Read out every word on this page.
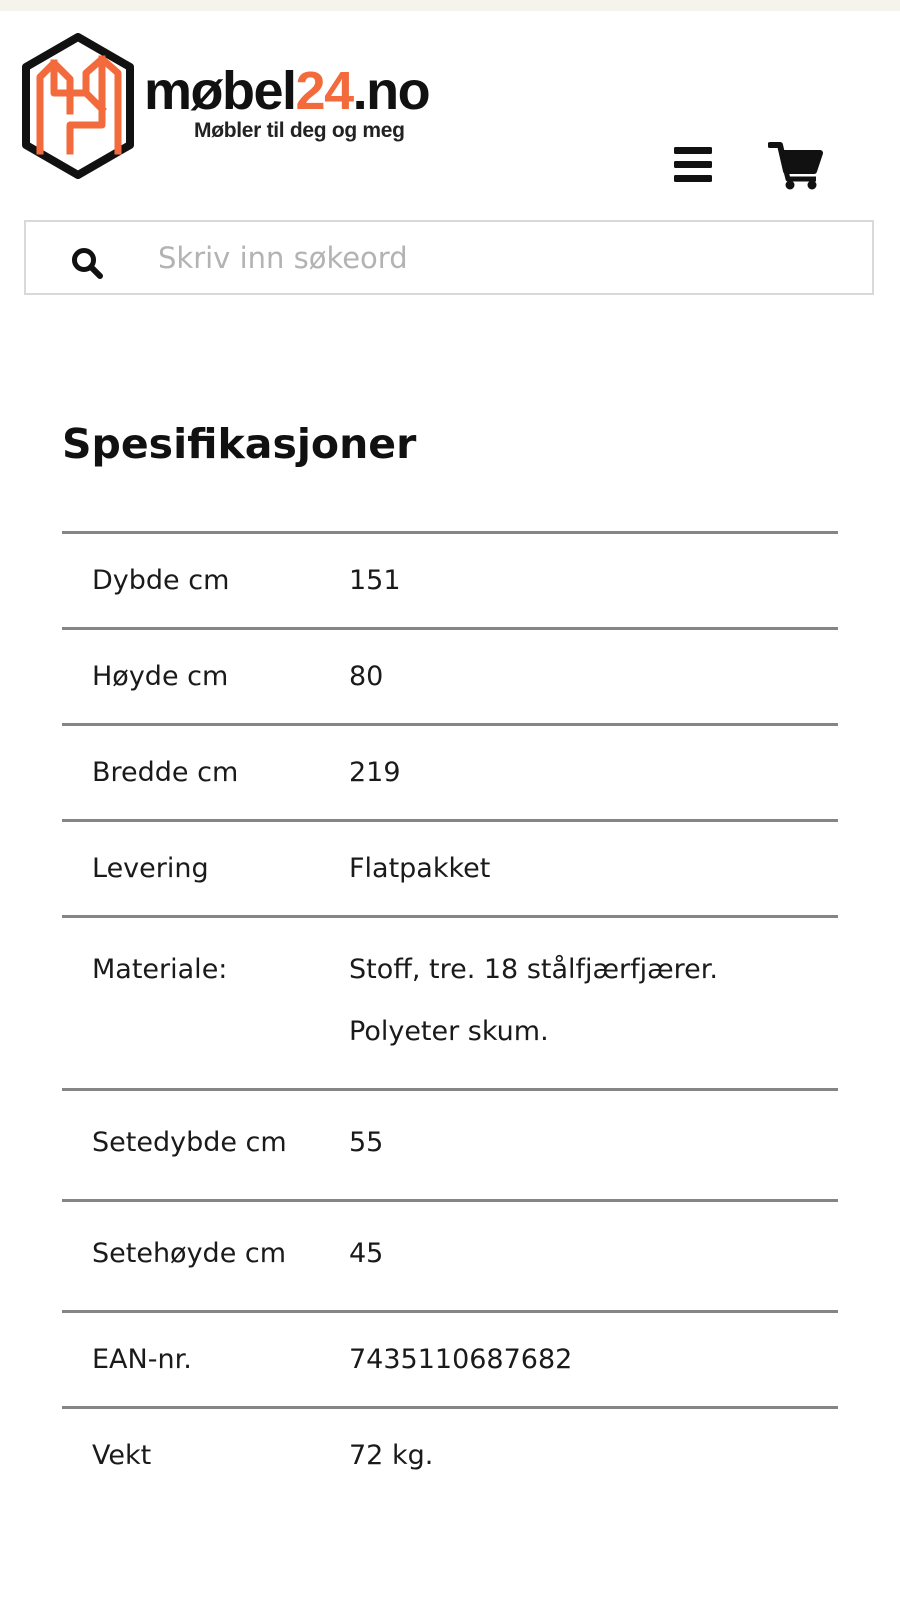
møbel24.no
Møbler til deg og meg
Skriv inn søkeord
Spesifikasjoner
Dybde cm	151

Høyde cm	80

Bredde cm	219

Levering	Flatpakket

Materiale:	Stoff, tre. 18 stålfjærfjærer. Polyeter skum.

Setedybde cm	55

Setehøyde cm	45

EAN-nr.	7435110687682

Vekt	72 kg.
